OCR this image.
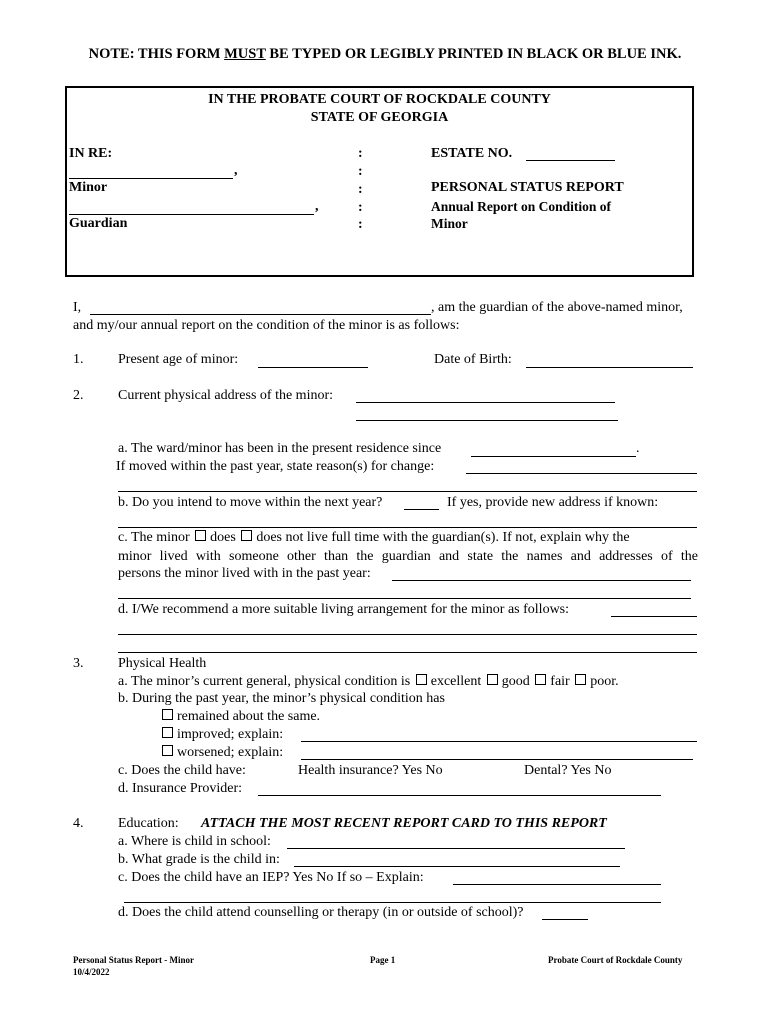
NOTE: THIS FORM MUST BE TYPED OR LEGIBLY PRINTED IN BLACK OR BLUE INK.
IN THE PROBATE COURT OF ROCKDALE COUNTY
STATE OF GEORGIA
IN RE:
,
Minor
,
Guardian
:
:
:
:
:
ESTATE NO.
PERSONAL STATUS REPORT
Annual Report on Condition of
Minor
I,	, am the guardian of the above-named minor,
and my/our annual report on the condition of the minor is as follows:
1. Present age of minor:	Date of Birth:
2. Current physical address of the minor:
a. The ward/minor has been in the present residence since	.
If moved within the past year, state reason(s) for change:
b. Do you intend to move within the next year?	If yes, provide new address if known:
c. The minor does does not live full time with the guardian(s). If not, explain why the
minor lived with someone other than the guardian and state the names and addresses of the
persons the minor lived with in the past year:
d. I/We recommend a more suitable living arrangement for the minor as follows:
3. Physical Health
a. The minor’s current general, physical condition is excellent good fair poor.
b. During the past year, the minor’s physical condition has
remained about the same.
improved; explain:
worsened; explain:
c. Does the child have:	Health insurance? Yes No	Dental? Yes No
d. Insurance Provider:
4. Education: ATTACH THE MOST RECENT REPORT CARD TO THIS REPORT
a. Where is child in school:
b. What grade is the child in:
c. Does the child have an IEP? Yes No If so – Explain:
d. Does the child attend counselling or therapy (in or outside of school)?
Personal Status Report - Minor
10/4/2022
Page 1	Probate Court of Rockdale County
